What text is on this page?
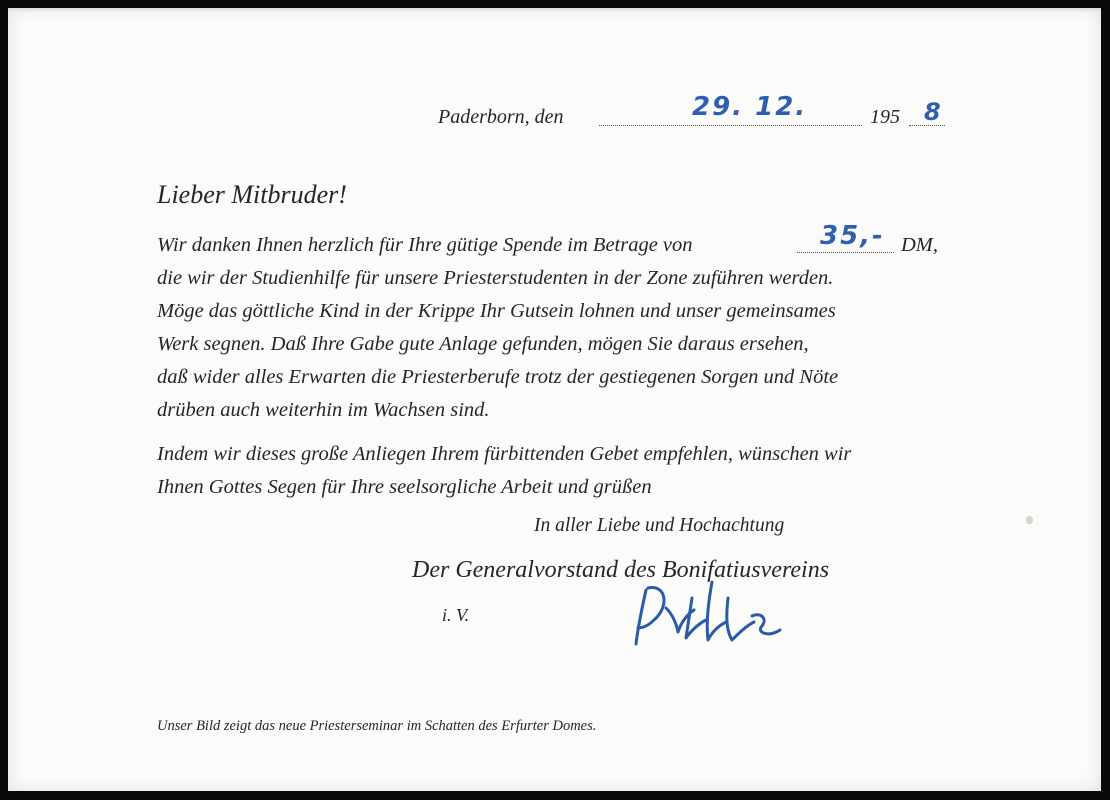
Paderborn, den	29. 12.	195 8
Lieber Mitbruder!
Wir danken Ihnen herzlich für Ihre gütige Spende im Betrage von	35,- DM,
die wir der Studienhilfe für unsere Priesterstudenten in der Zone zuführen werden.
Möge das göttliche Kind in der Krippe Ihr Gutsein lohnen und unser gemeinsames
Werk segnen. Daß Ihre Gabe gute Anlage gefunden, mögen Sie daraus ersehen,
daß wider alles Erwarten die Priesterberufe trotz der gestiegenen Sorgen und Nöte
drüben auch weiterhin im Wachsen sind.
Indem wir dieses große Anliegen Ihrem fürbittenden Gebet empfehlen, wünschen wir
Ihnen Gottes Segen für Ihre seelsorgliche Arbeit und grüßen
In aller Liebe und Hochachtung
Der Generalvorstand des Bonifatiusvereins
i. V.
Unser Bild zeigt das neue Priesterseminar im Schatten des Erfurter Domes.
